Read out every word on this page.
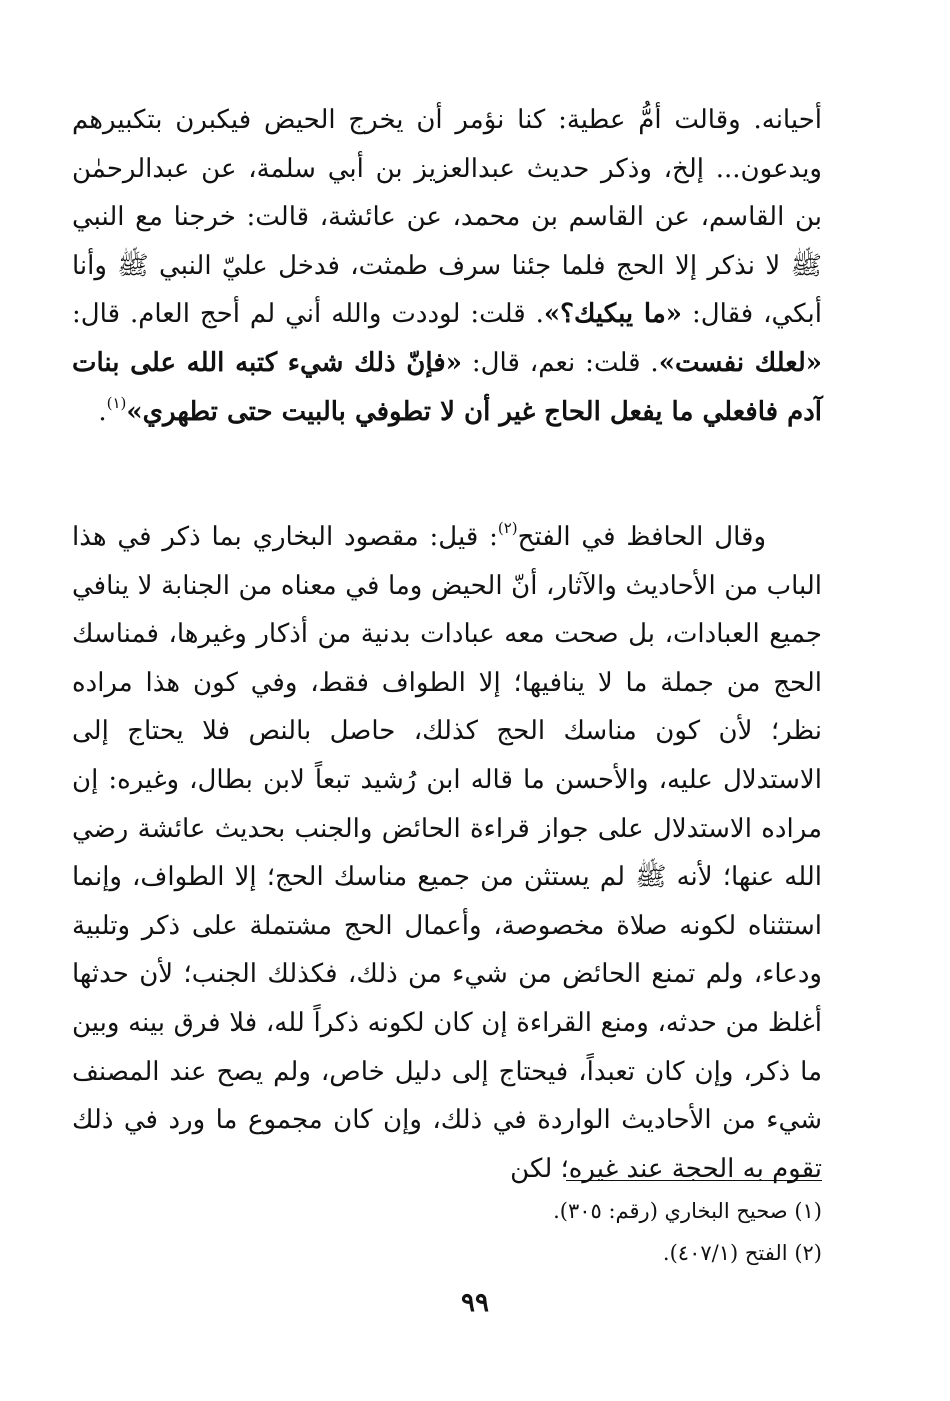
أحيانه. وقالت أمُّ عطية: كنا نؤمر أن يخرج الحيض فيكبرن بتكبيرهم ويدعون... إلخ، وذكر حديث عبدالعزيز بن أبي سلمة، عن عبدالرحمٰن بن القاسم، عن القاسم بن محمد، عن عائشة، قالت: خرجنا مع النبي ﷺ لا نذكر إلا الحج فلما جئنا سرف طمثت، فدخل عليّ النبي ﷺ وأنا أبكي، فقال: «ما يبكيك؟». قلت: لوددت والله أني لم أحج العام. قال: «لعلك نفست». قلت: نعم، قال: «فإنّ ذلك شيء كتبه الله على بنات آدم فافعلي ما يفعل الحاج غير أن لا تطوفي بالبيت حتى تطهري»$^{(١)}$.

وقال الحافظ في الفتح$^{(٢)}$: قيل: مقصود البخاري بما ذكر في هذا الباب من الأحاديث والآثار، أنّ الحيض وما في معناه من الجنابة لا ينافي جميع العبادات، بل صحت معه عبادات بدنية من أذكار وغيرها، فمناسك الحج من جملة ما لا ينافيها؛ إلا الطواف فقط، وفي كون هذا مراده نظر؛ لأن كون مناسك الحج كذلك، حاصل بالنص فلا يحتاج إلى الاستدلال عليه، والأحسن ما قاله ابن رُشيد تبعاً لابن بطال، وغيره: إن مراده الاستدلال على جواز قراءة الحائض والجنب بحديث عائشة رضي الله عنها؛ لأنه ﷺ لم يستثن من جميع مناسك الحج؛ إلا الطواف، وإنما استثناه لكونه صلاة مخصوصة، وأعمال الحج مشتملة على ذكر وتلبية ودعاء، ولم تمنع الحائض من شيء من ذلك، فكذلك الجنب؛ لأن حدثها أغلظ من حدثه، ومنع القراءة إن كان لكونه ذكراً لله، فلا فرق بينه وبين ما ذكر، وإن كان تعبداً، فيحتاج إلى دليل خاص، ولم يصح عند المصنف شيء من الأحاديث الواردة في ذلك، وإن كان مجموع ما ورد في ذلك تقوم به الحجة عند غيره؛ لكن

(١) صحيح البخاري (رقم: ٣٠٥).

(٢) الفتح (٤٠٧/١).

٩٩
